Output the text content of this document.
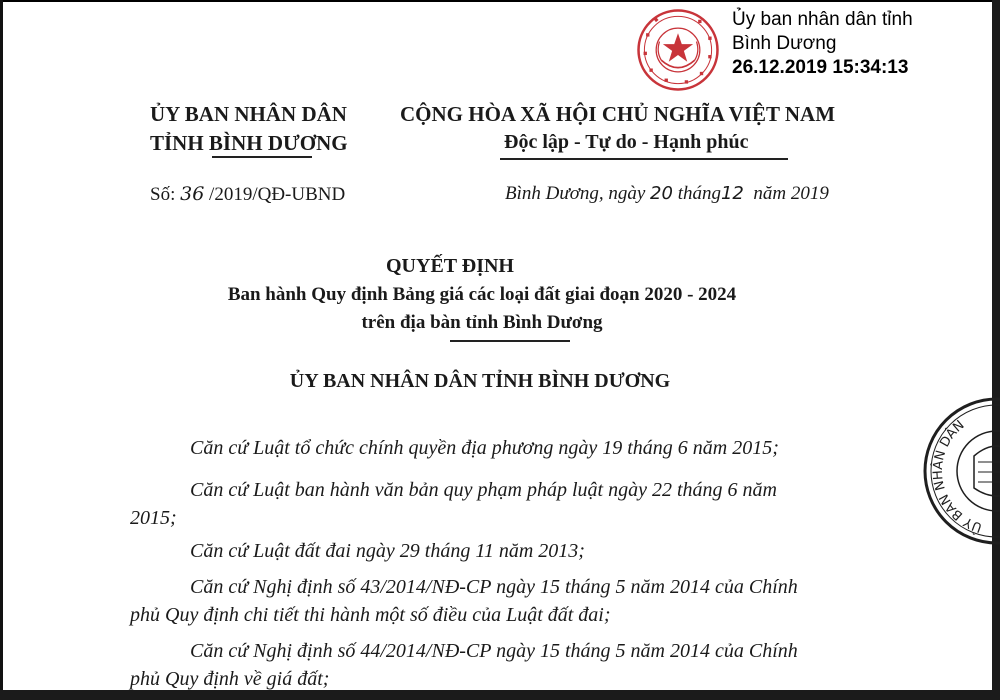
Ủy ban nhân dân tỉnh
Bình Dương
26.12.2019 15:34:13
ỦY BAN NHÂN DÂN
TỈNH BÌNH DƯƠNG
CỘNG HÒA XÃ HỘI CHỦ NGHĨA VIỆT NAM
Độc lập - Tự do - Hạnh phúc
Số: 36 /2019/QĐ-UBND	Bình Dương, ngày 20 tháng12  năm 2019
QUYẾT ĐỊNH
Ban hành Quy định Bảng giá các loại đất giai đoạn 2020 - 2024
trên địa bàn tỉnh Bình Dương
ỦY BAN NHÂN DÂN TỈNH BÌNH DƯƠNG
Căn cứ Luật tổ chức chính quyền địa phương ngày 19 tháng 6 năm 2015;
Căn cứ Luật ban hành văn bản quy phạm pháp luật ngày 22 tháng 6 năm
2015;
Căn cứ Luật đất đai ngày 29 tháng 11 năm 2013;
Căn cứ Nghị định số 43/2014/NĐ-CP ngày 15 tháng 5 năm 2014 của Chính
phủ Quy định chi tiết thi hành một số điều của Luật đất đai;
Căn cứ Nghị định số 44/2014/NĐ-CP ngày 15 tháng 5 năm 2014 của Chính
phủ Quy định về giá đất;
ỦY BAN NHÂN DÂN
